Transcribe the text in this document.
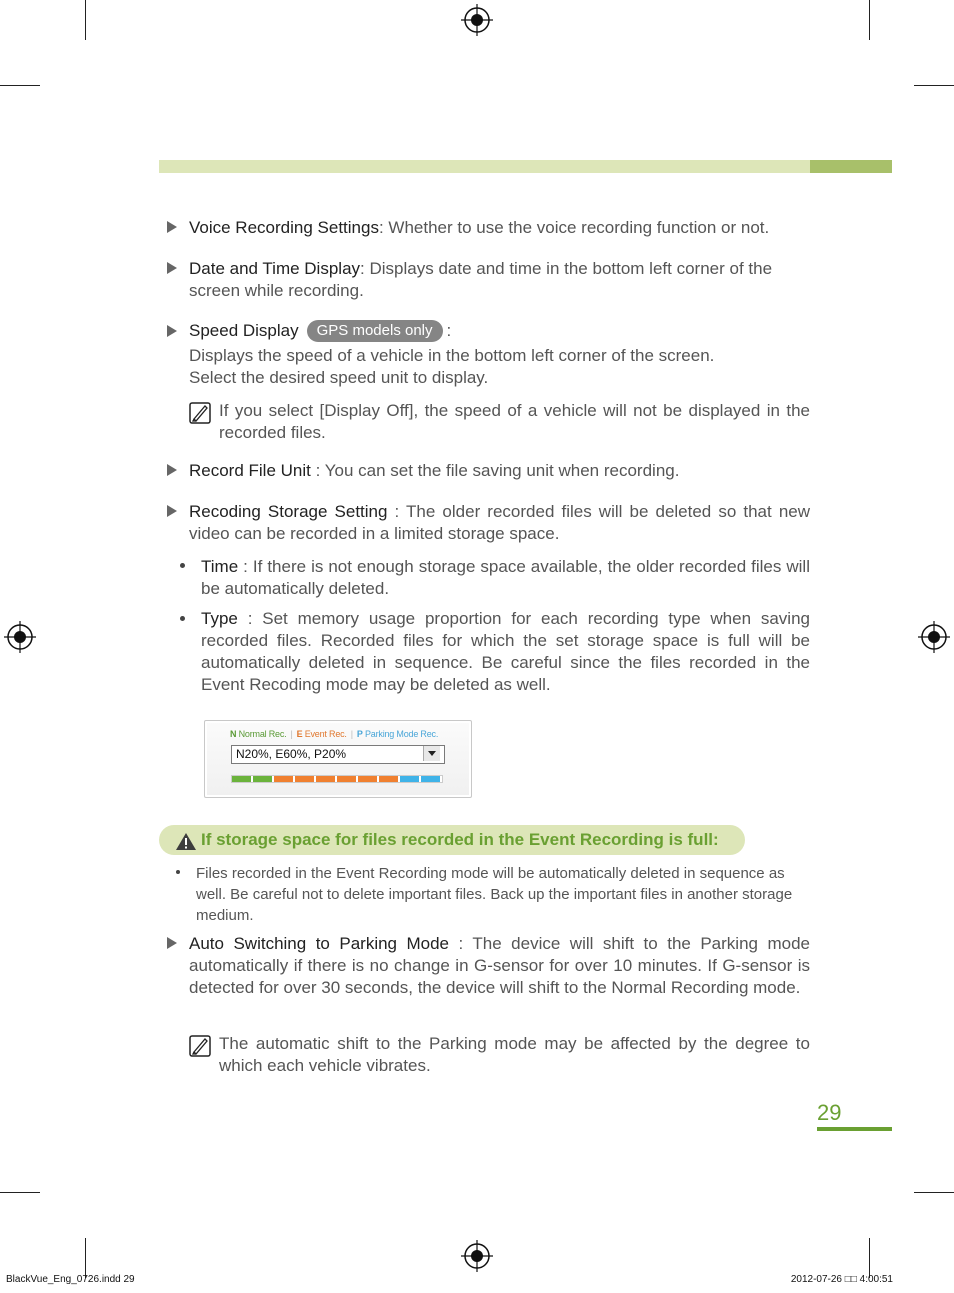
Voice Recording Settings: Whether to use the voice recording function or not.
Date and Time Display: Displays date and time in the bottom left corner of the screen while recording.
Speed Display GPS models only :
Displays the speed of a vehicle in the bottom left corner of the screen.
Select the desired speed unit to display.
If you select [Display Off], the speed of a vehicle will not be displayed in the recorded files.
Record File Unit : You can set the file saving unit when recording.
Recoding Storage Setting : The older recorded files will be deleted so that new video can be recorded in a limited storage space.
Time : If there is not enough storage space available, the older recorded files will be automatically deleted.
Type : Set memory usage proportion for each recording type when saving recorded files. Recorded files for which the set storage space is full will be automatically deleted in sequence. Be careful since the files recorded in the Event Recoding mode may be deleted as well.
N Normal Rec. | E Event Rec. | P Parking Mode Rec.
N20%, E60%, P20%
If storage space for files recorded in the Event Recording is full:
Files recorded in the Event Recording mode will be automatically deleted in sequence as well. Be careful not to delete important files. Back up the important files in another storage medium.
Auto Switching to Parking Mode : The device will shift to the Parking mode automatically if there is no change in G-sensor for over 10 minutes. If G-sensor is detected for over 30 seconds, the device will shift to the Normal Recording mode.
The automatic shift to the Parking mode may be affected by the degree to which each vehicle vibrates.
29
BlackVue_Eng_0726.indd 29	2012-07-26 □□ 4:00:51
